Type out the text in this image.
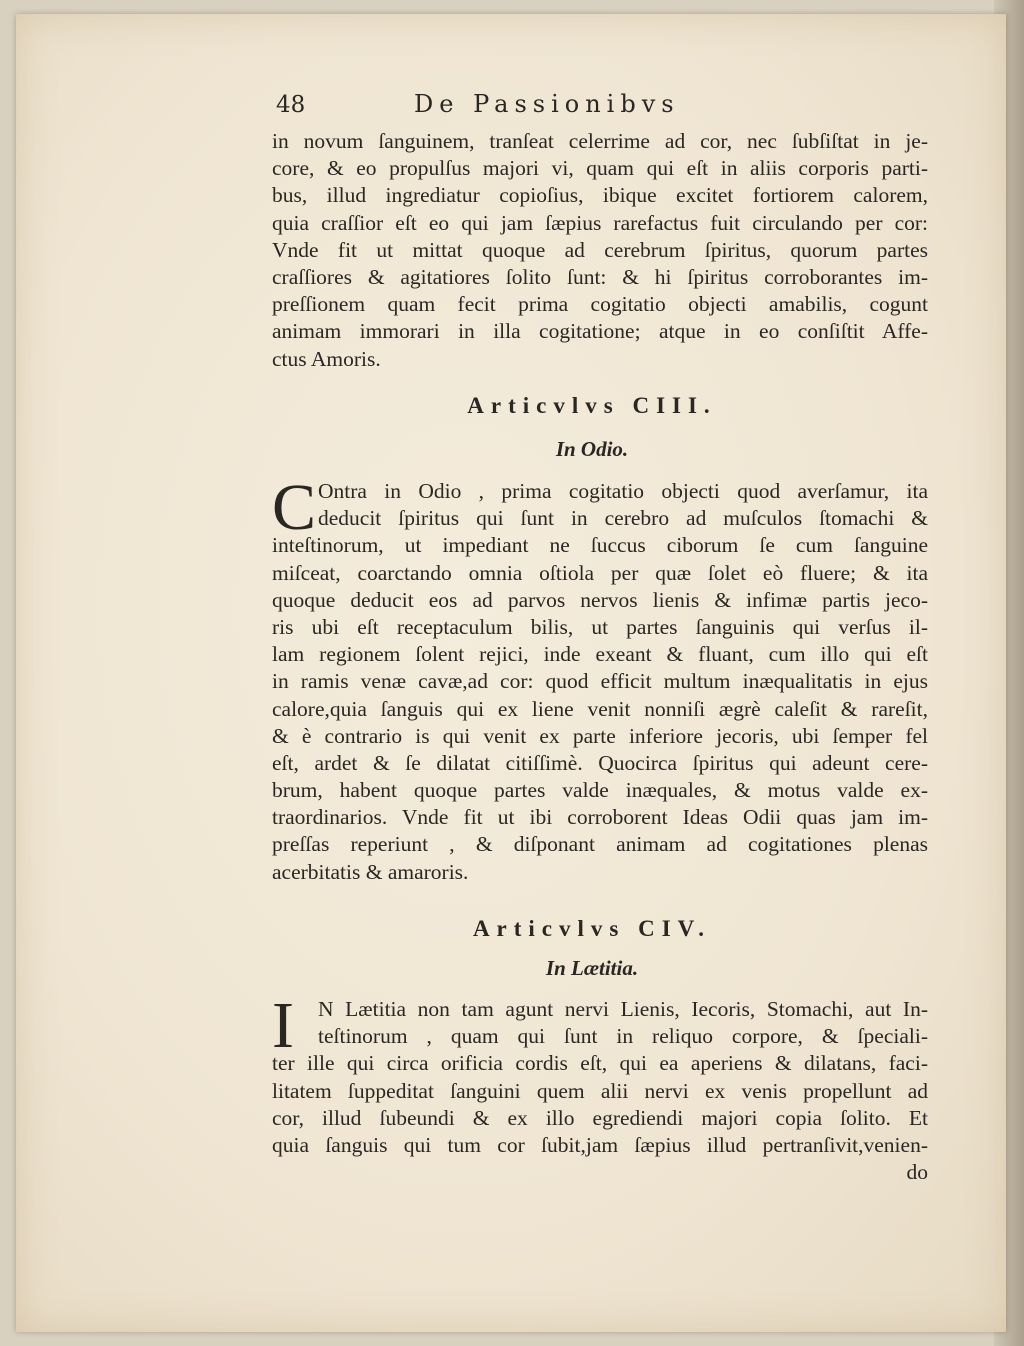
48	De Passionibvs
in novum ſanguinem, tranſeat celerrime ad cor, nec ſubſiſtat in je-
core, & eo propulſus majori vi, quam qui eſt in aliis corporis parti-
bus, illud ingrediatur copioſius, ibique excitet fortiorem calorem,
quia craſſior eſt eo qui jam ſæpius rarefactus fuit circulando per cor:
Vnde fit ut mittat quoque ad cerebrum ſpiritus, quorum partes
craſſiores & agitatiores ſolito ſunt: & hi ſpiritus corroborantes im-
preſſionem quam fecit prima cogitatio objecti amabilis, cogunt
animam immorari in illa cogitatione; atque in eo conſiſtit Affe-
ctus Amoris.
Articvlvs CIII.
In Odio.
C Ontra in Odio , prima cogitatio objecti quod averſamur, ita
deducit ſpiritus qui ſunt in cerebro ad muſculos ſtomachi &
inteſtinorum, ut impediant ne ſuccus ciborum ſe cum ſanguine
miſceat, coarctando omnia oſtiola per quæ ſolet eò fluere; & ita
quoque deducit eos ad parvos nervos lienis & infimæ partis jeco-
ris ubi eſt receptaculum bilis, ut partes ſanguinis qui verſus il-
lam regionem ſolent rejici, inde exeant & fluant, cum illo qui eſt
in ramis venæ cavæ,ad cor: quod efficit multum inæqualitatis in ejus
calore,quia ſanguis qui ex liene venit nonniſi ægrè caleſit & rareſit,
& è contrario is qui venit ex parte inferiore jecoris, ubi ſemper fel
eſt, ardet & ſe dilatat citiſſimè. Quocirca ſpiritus qui adeunt cere-
brum, habent quoque partes valde inæquales, & motus valde ex-
traordinarios. Vnde fit ut ibi corroborent Ideas Odii quas jam im-
preſſas reperiunt , & diſponant animam ad cogitationes plenas
acerbitatis & amaroris.
Articvlvs CIV.
In Lætitia.
I	N Lætitia non tam agunt nervi Lienis, Iecoris, Stomachi, aut In-
teſtinorum , quam qui ſunt in reliquo corpore, & ſpeciali-
ter ille qui circa orificia cordis eſt, qui ea aperiens & dilatans, faci-
litatem ſuppeditat ſanguini quem alii nervi ex venis propellunt ad
cor, illud ſubeundi & ex illo egrediendi majori copia ſolito. Et
quia ſanguis qui tum cor ſubit,jam ſæpius illud pertranſivit,venien-
do
